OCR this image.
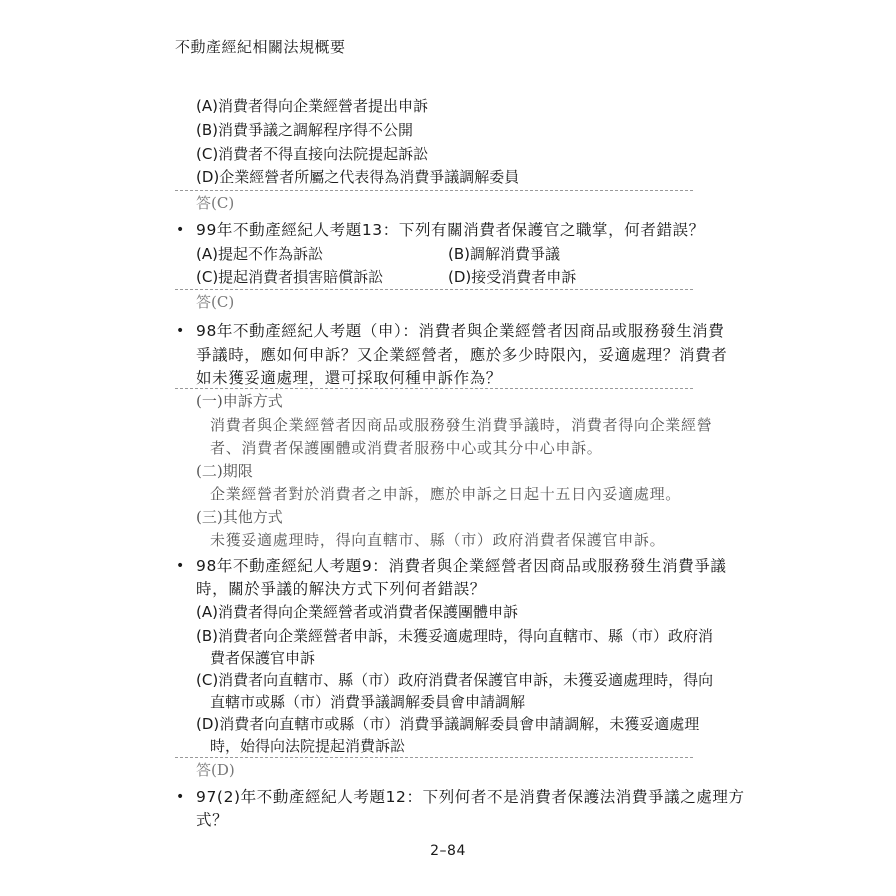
不動產經紀相關法規概要
(A)消費者得向企業經營者提出申訴
(B)消費爭議之調解程序得不公開
(C)消費者不得直接向法院提起訴訟
(D)企業經營者所屬之代表得為消費爭議調解委員
答(C)
• 99年不動產經紀人考題13：下列有關消費者保護官之職掌，何者錯誤？
(A)提起不作為訴訟	(B)調解消費爭議
(C)提起消費者損害賠償訴訟	(D)接受消費者申訴
答(C)
• 98年不動產經紀人考題（申）：消費者與企業經營者因商品或服務發生消費
爭議時，應如何申訴？又企業經營者，應於多少時限內，妥適處理？消費者
如未獲妥適處理，還可採取何種申訴作為？
(一)申訴方式
消費者與企業經營者因商品或服務發生消費爭議時，消費者得向企業經營
者、消費者保護團體或消費者服務中心或其分中心申訴。
(二)期限
企業經營者對於消費者之申訴，應於申訴之日起十五日內妥適處理。
(三)其他方式
未獲妥適處理時，得向直轄市、縣（市）政府消費者保護官申訴。
• 98年不動產經紀人考題9：消費者與企業經營者因商品或服務發生消費爭議
時，關於爭議的解決方式下列何者錯誤？
(A)消費者得向企業經營者或消費者保護團體申訴
(B)消費者向企業經營者申訴，未獲妥適處理時，得向直轄市、縣（市）政府消
費者保護官申訴
(C)消費者向直轄市、縣（市）政府消費者保護官申訴，未獲妥適處理時，得向
直轄市或縣（市）消費爭議調解委員會申請調解
(D)消費者向直轄市或縣（市）消費爭議調解委員會申請調解，未獲妥適處理
時，始得向法院提起消費訴訟
答(D)
• 97(2)年不動產經紀人考題12：下列何者不是消費者保護法消費爭議之處理方
式？
2–84
